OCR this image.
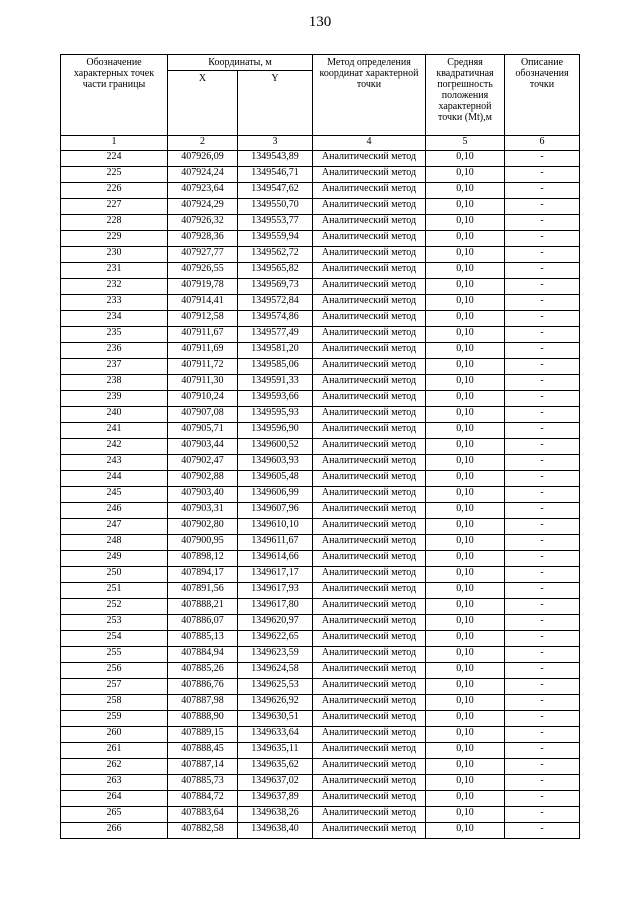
130
Обозначение характерных точек части границы	Координаты, м		Метод определения координат характерной точки	Средняя квадратичная погрешность положения характерной точки (Mt),м	Описание обозначения точки
	X	Y			
1	2	3	4	5	6
224	407926,09	1349543,89	Аналитический метод	0,10	-
225	407924,24	1349546,71	Аналитический метод	0,10	-
226	407923,64	1349547,62	Аналитический метод	0,10	-
227	407924,29	1349550,70	Аналитический метод	0,10	-
228	407926,32	1349553,77	Аналитический метод	0,10	-
229	407928,36	1349559,94	Аналитический метод	0,10	-
230	407927,77	1349562,72	Аналитический метод	0,10	-
231	407926,55	1349565,82	Аналитический метод	0,10	-
232	407919,78	1349569,73	Аналитический метод	0,10	-
233	407914,41	1349572,84	Аналитический метод	0,10	-
234	407912,58	1349574,86	Аналитический метод	0,10	-
235	407911,67	1349577,49	Аналитический метод	0,10	-
236	407911,69	1349581,20	Аналитический метод	0,10	-
237	407911,72	1349585,06	Аналитический метод	0,10	-
238	407911,30	1349591,33	Аналитический метод	0,10	-
239	407910,24	1349593,66	Аналитический метод	0,10	-
240	407907,08	1349595,93	Аналитический метод	0,10	-
241	407905,71	1349596,90	Аналитический метод	0,10	-
242	407903,44	1349600,52	Аналитический метод	0,10	-
243	407902,47	1349603,93	Аналитический метод	0,10	-
244	407902,88	1349605,48	Аналитический метод	0,10	-
245	407903,40	1349606,99	Аналитический метод	0,10	-
246	407903,31	1349607,96	Аналитический метод	0,10	-
247	407902,80	1349610,10	Аналитический метод	0,10	-
248	407900,95	1349611,67	Аналитический метод	0,10	-
249	407898,12	1349614,66	Аналитический метод	0,10	-
250	407894,17	1349617,17	Аналитический метод	0,10	-
251	407891,56	1349617,93	Аналитический метод	0,10	-
252	407888,21	1349617,80	Аналитический метод	0,10	-
253	407886,07	1349620,97	Аналитический метод	0,10	-
254	407885,13	1349622,65	Аналитический метод	0,10	-
255	407884,94	1349623,59	Аналитический метод	0,10	-
256	407885,26	1349624,58	Аналитический метод	0,10	-
257	407886,76	1349625,53	Аналитический метод	0,10	-
258	407887,98	1349626,92	Аналитический метод	0,10	-
259	407888,90	1349630,51	Аналитический метод	0,10	-
260	407889,15	1349633,64	Аналитический метод	0,10	-
261	407888,45	1349635,11	Аналитический метод	0,10	-
262	407887,14	1349635,62	Аналитический метод	0,10	-
263	407885,73	1349637,02	Аналитический метод	0,10	-
264	407884,72	1349637,89	Аналитический метод	0,10	-
265	407883,64	1349638,26	Аналитический метод	0,10	-
266	407882,58	1349638,40	Аналитический метод	0,10	-
